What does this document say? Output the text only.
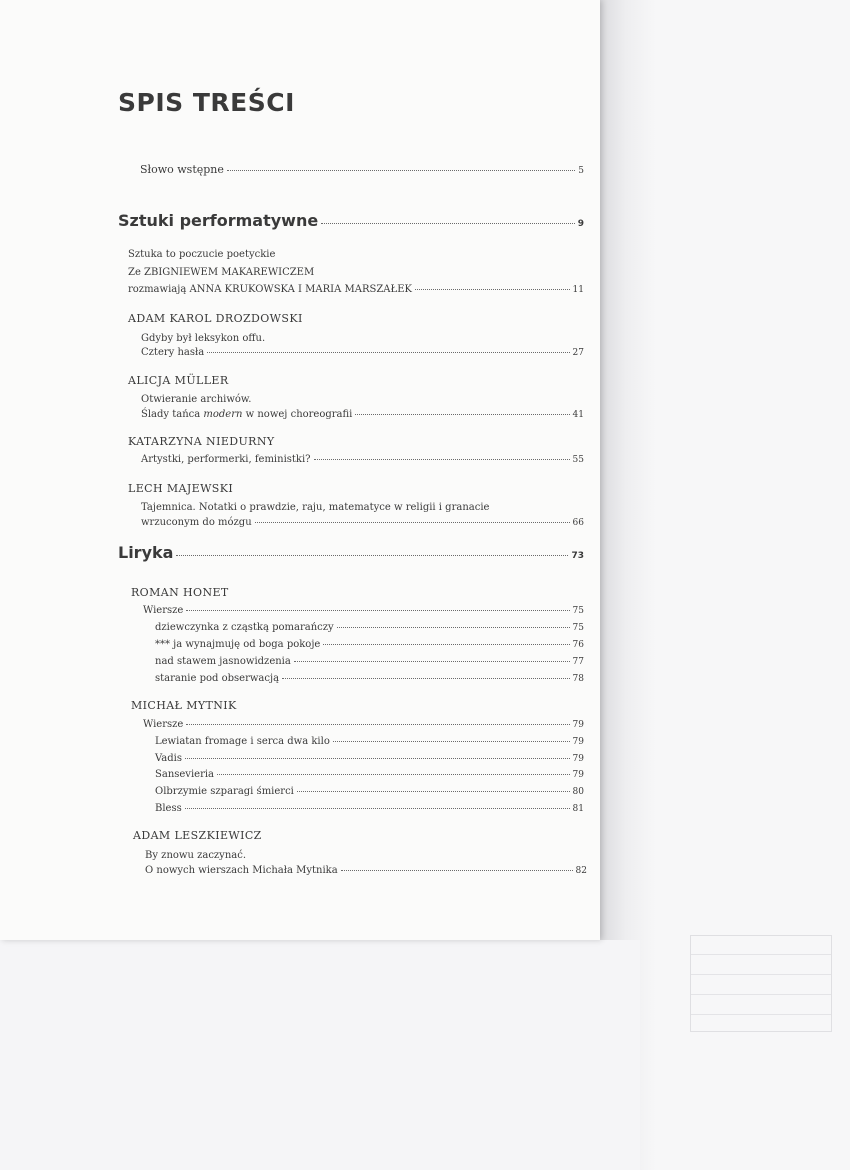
SPIS TREŚCI
Słowo wstępne	5
Sztuki performatywne	9
Sztuka to poczucie poetyckie
Ze ZBIGNIEWEM MAKAREWICZEM
rozmawiają ANNA KRUKOWSKA I MARIA MARSZAŁEK	11
ADAM KAROL DROZDOWSKI
Gdyby był leksykon offu.
Cztery hasła	27
ALICJA MÜLLER
Otwieranie archiwów.
Ślady tańca modern w nowej choreografii	41
KATARZYNA NIEDURNY
Artystki, performerki, feministki?	55
LECH MAJEWSKI
Tajemnica. Notatki o prawdzie, raju, matematyce w religii i granacie
wrzuconym do mózgu	66
Liryka	73
ROMAN HONET
Wiersze	75
dziewczynka z cząstką pomarańczy	75
*** ja wynajmuję od boga pokoje	76
nad stawem jasnowidzenia	77
staranie pod obserwacją	78
MICHAŁ MYTNIK
Wiersze	79
Lewiatan fromage i serca dwa kilo	79
Vadis	79
Sansevieria	79
Olbrzymie szparagi śmierci	80
Bless	81
ADAM LESZKIEWICZ
By znowu zaczynać.
O nowych wierszach Michała Mytnika	82
